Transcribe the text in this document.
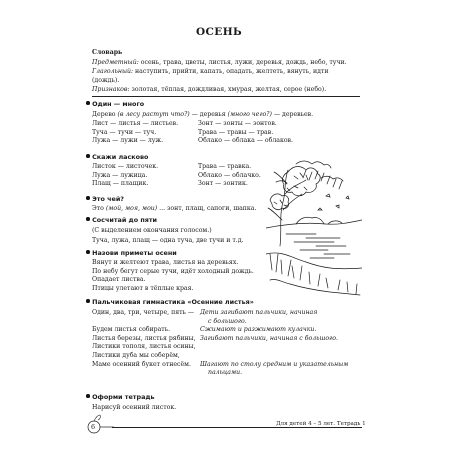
ОСЕНЬ
Словарь
Предметный: осень, трава, цветы, листья, лужи, деревья, дождь, небо, тучи.
Глагольный: наступить, прийти, капать, опадать, желтеть, вянуть, идти
(дождь).
Признаков: золотая, тёплая, дождливая, хмурая, желтая, серое (небо).
Один — много
Дерево (в лесу растут что?) — деревья (много чего?) — деревьев.
Лист — листья — листьев.
Туча — тучи — туч.
Лужа — лужи — луж.
Зонт — зонты — зонтов.
Трава — травы — трав.
Облако — облака — облаков.
Скажи ласково
Листок — листочек.
Лужа — лужица.
Плащ — плащик.
Трава — травка.
Облако — облачко.
Зонт — зонтик.
Это чей?
Это (мой, моя, мои) ... зонт, плащ, сапоги, шапка.
Сосчитай до пяти
(С выделением окончания голосом.)
Туча, лужа, плащ — одна туча, две тучи и т.д.
Назови приметы осени
Вянут и желтеют трава, листья на деревьях.
По небу бегут серые тучи, идёт холодный дождь.
Опадает листва.
Птицы улетают в тёплые края.
Пальчиковая гимнастика «Осенние листья»
Один, два, три, четыре, пять —

Будем листья собирать.
Листья березы, листья рябины,
Листики тополя, листья осины,
Листики дуба мы соберём,
Маме осенний букет отнесём.
Дети загибают пальчики, начиная
с большого.
Сжимают и разжимают кулачки.
Загибают пальчики, начиная с большого.

Шагают по столу средним и указательным
пальцами.
Оформи тетрадь
Нарисуй осенний листок.
6	Для детей 4 – 5 лет. Тетрадь 1
